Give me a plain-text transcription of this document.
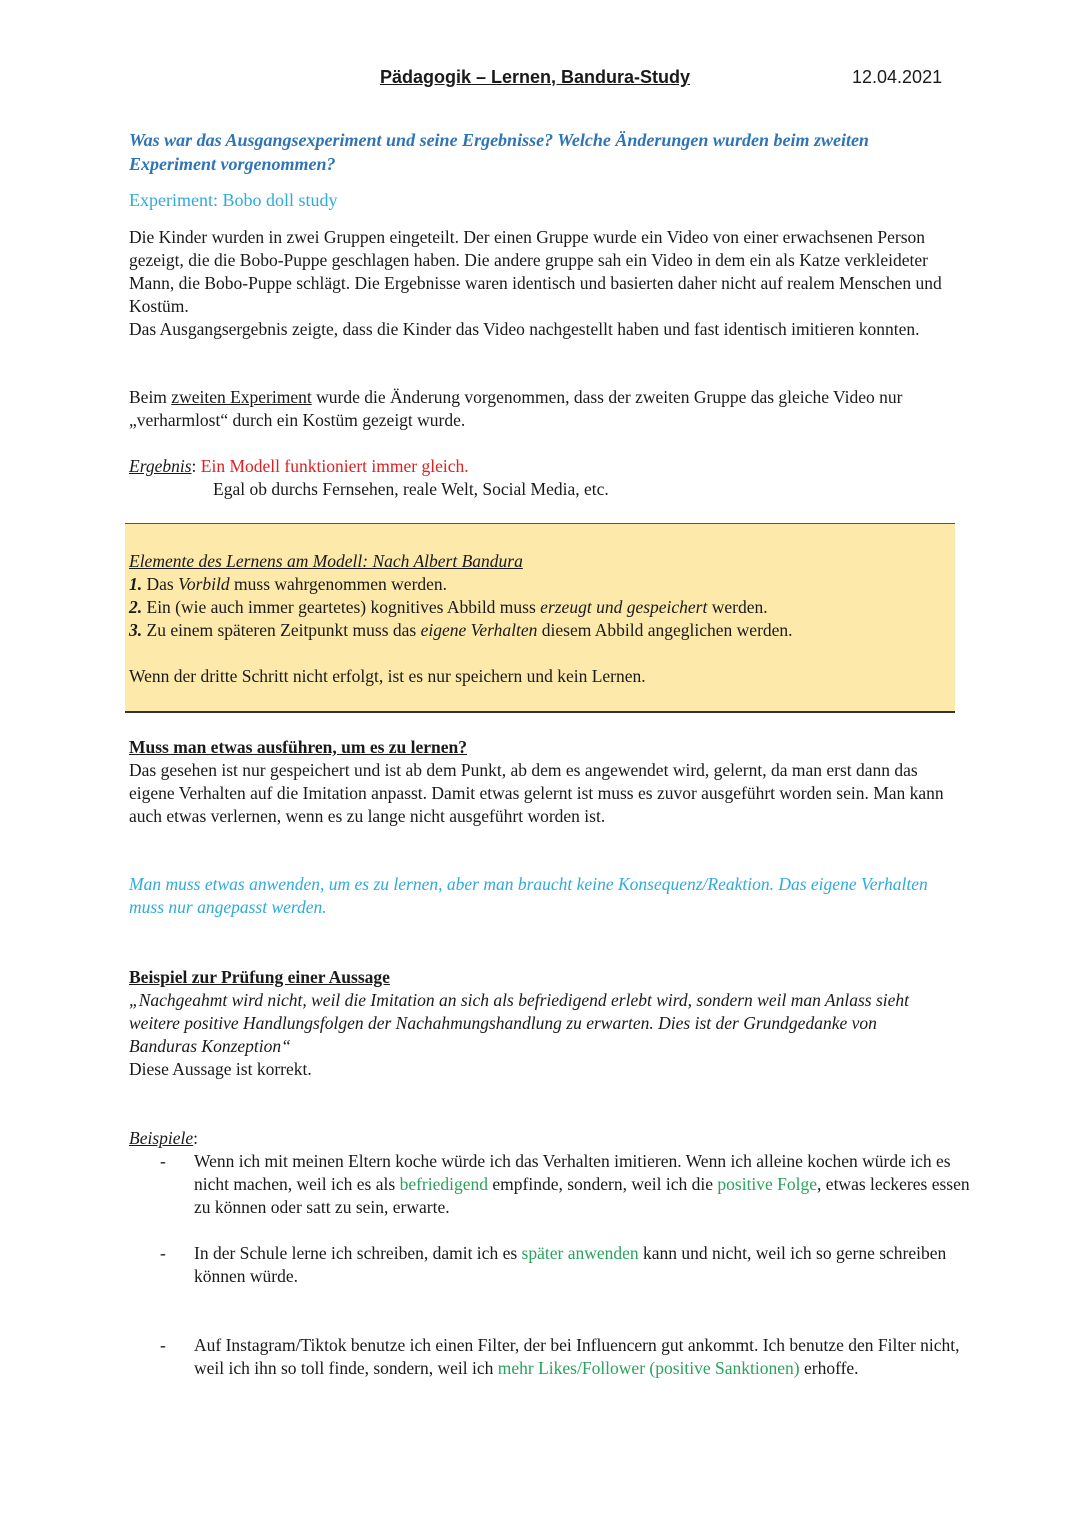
Pädagogik – Lernen, Bandura-Study	12.04.2021

Was war das Ausgangsexperiment und seine Ergebnisse? Welche Änderungen wurden beim zweiten Experiment vorgenommen?

Experiment: Bobo doll study

Die Kinder wurden in zwei Gruppen eingeteilt. Der einen Gruppe wurde ein Video von einer erwachsenen Person gezeigt, die die Bobo-Puppe geschlagen haben. Die andere gruppe sah ein Video in dem ein als Katze verkleideter Mann, die Bobo-Puppe schlägt. Die Ergebnisse waren identisch und basierten daher nicht auf realem Menschen und Kostüm.

Das Ausgangsergebnis zeigte, dass die Kinder das Video nachgestellt haben und fast identisch imitieren konnten.

Beim zweiten Experiment wurde die Änderung vorgenommen, dass der zweiten Gruppe das gleiche Video nur „verharmlost“ durch ein Kostüm gezeigt wurde.

Ergebnis: Ein Modell funktioniert immer gleich.

Egal ob durchs Fernsehen, reale Welt, Social Media, etc.

Elemente des Lernens am Modell: Nach Albert Bandura

1. Das Vorbild muss wahrgenommen werden.

2. Ein (wie auch immer geartetes) kognitives Abbild muss erzeugt und gespeichert werden.

3. Zu einem späteren Zeitpunkt muss das eigene Verhalten diesem Abbild angeglichen werden.

Wenn der dritte Schritt nicht erfolgt, ist es nur speichern und kein Lernen.

Muss man etwas ausführen, um es zu lernen?

Das gesehen ist nur gespeichert und ist ab dem Punkt, ab dem es angewendet wird, gelernt, da man erst dann das eigene Verhalten auf die Imitation anpasst. Damit etwas gelernt ist muss es zuvor ausgeführt worden sein. Man kann auch etwas verlernen, wenn es zu lange nicht ausgeführt worden ist.

Man muss etwas anwenden, um es zu lernen, aber man braucht keine Konsequenz/Reaktion. Das eigene Verhalten muss nur angepasst werden.

Beispiel zur Prüfung einer Aussage

„Nachgeahmt wird nicht, weil die Imitation an sich als befriedigend erlebt wird, sondern weil man Anlass sieht weitere positive Handlungsfolgen der Nachahmungshandlung zu erwarten. Dies ist der Grundgedanke von Banduras Konzeption“

Diese Aussage ist korrekt.

Beispiele:

- Wenn ich mit meinen Eltern koche würde ich das Verhalten imitieren. Wenn ich alleine kochen würde ich es nicht machen, weil ich es als befriedigend empfinde, sondern, weil ich die positive Folge, etwas leckeres essen zu können oder satt zu sein, erwarte.

- In der Schule lerne ich schreiben, damit ich es später anwenden kann und nicht, weil ich so gerne schreiben können würde.

- Auf Instagram/Tiktok benutze ich einen Filter, der bei Influencern gut ankommt. Ich benutze den Filter nicht, weil ich ihn so toll finde, sondern, weil ich mehr Likes/Follower (positive Sanktionen) erhoffe.
